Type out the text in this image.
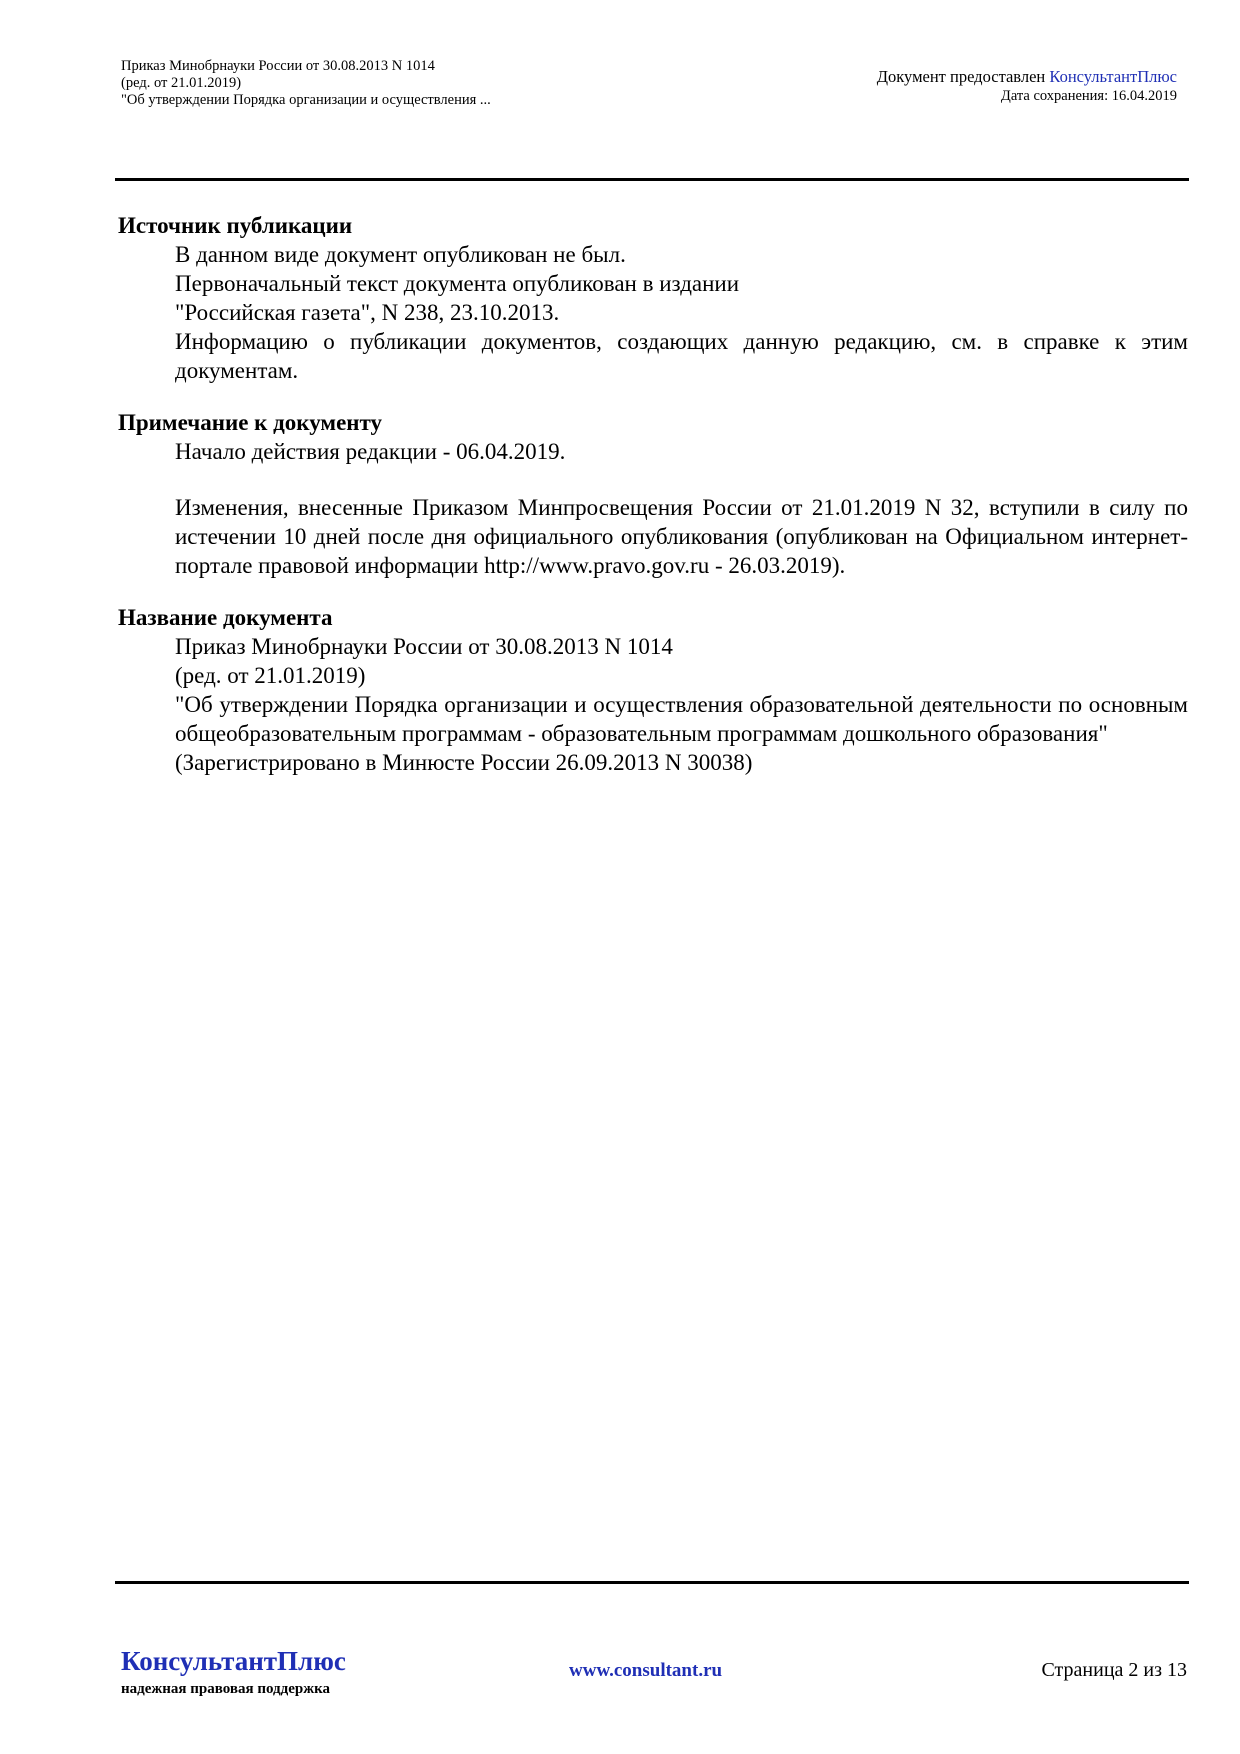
Приказ Минобрнауки России от 30.08.2013 N 1014
(ред. от 21.01.2019)
"Об утверждении Порядка организации и осуществления ...
Документ предоставлен КонсультантПлюс
Дата сохранения: 16.04.2019
Источник публикации
В данном виде документ опубликован не был.
Первоначальный текст документа опубликован в издании
"Российская газета", N 238, 23.10.2013.
Информацию о публикации документов, создающих данную редакцию, см. в справке к этим документам.
Примечание к документу
Начало действия редакции - 06.04.2019.
Изменения, внесенные Приказом Минпросвещения России от 21.01.2019 N 32, вступили в силу по истечении 10 дней после дня официального опубликования (опубликован на Официальном интернет-портале правовой информации http://www.pravo.gov.ru - 26.03.2019).
Название документа
Приказ Минобрнауки России от 30.08.2013 N 1014
(ред. от 21.01.2019)
"Об утверждении Порядка организации и осуществления образовательной деятельности по основным общеобразовательным программам - образовательным программам дошкольного образования"
(Зарегистрировано в Минюсте России 26.09.2013 N 30038)
КонсультантПлюс
надежная правовая поддержка
www.consultant.ru	Страница 2 из 13
